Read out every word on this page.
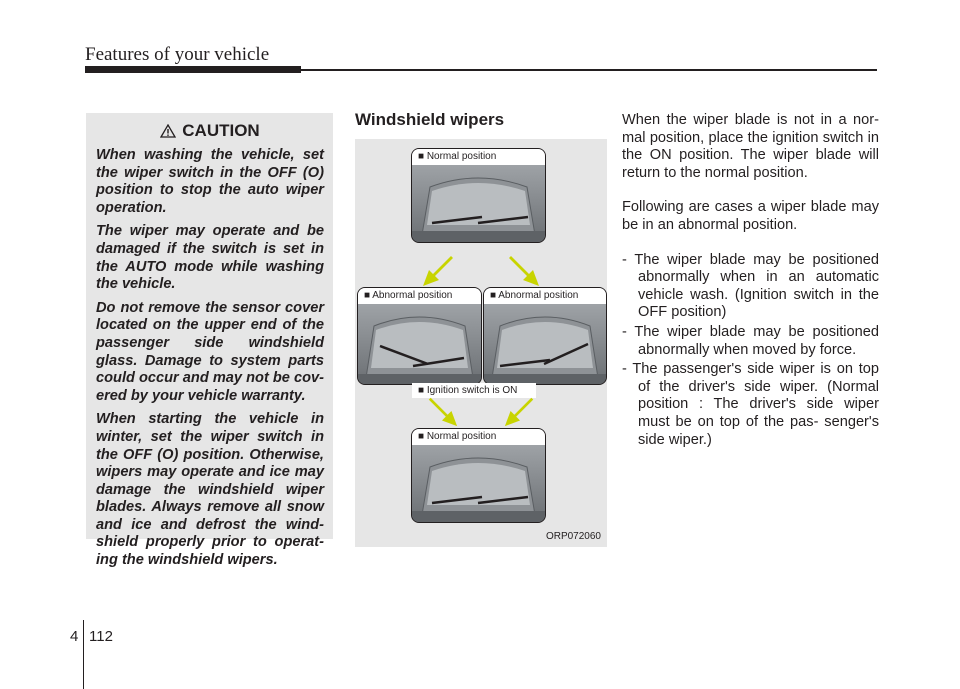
Features of your vehicle
CAUTION

When washing the vehicle, set the wiper switch in the OFF (O) position to stop the auto wiper operation.

The wiper may operate and be damaged if the switch is set in the AUTO mode while washing the vehicle.

Do not remove the sensor cover located on the upper end of the passenger side windshield glass. Damage to system parts could occur and may not be cov- ered by your vehicle warranty.

When starting the vehicle in winter, set the wiper switch in the OFF (O) position. Otherwise, wipers may operate and ice may damage the windshield wiper blades. Always remove all snow and ice and defrost the wind- shield properly prior to operat- ing the windshield wipers.

Windshield wipers
■ Normal position
■ Abnormal position	■ Abnormal position
■ Ignition switch is ON
■ Normal position
ORP072060

When the wiper blade is not in a nor- mal position, place the ignition switch in the ON position. The wiper blade will return to the normal position.

Following are cases a wiper blade may be in an abnormal position.

- The wiper blade may be positioned abnormally when in an automatic vehicle wash. (Ignition switch in the OFF position)
- The wiper blade may be positioned abnormally when moved by force.
- The passenger's side wiper is on top of the driver's side wiper. (Normal position : The driver's side wiper must be on top of the pas- senger's side wiper.)
4 112
